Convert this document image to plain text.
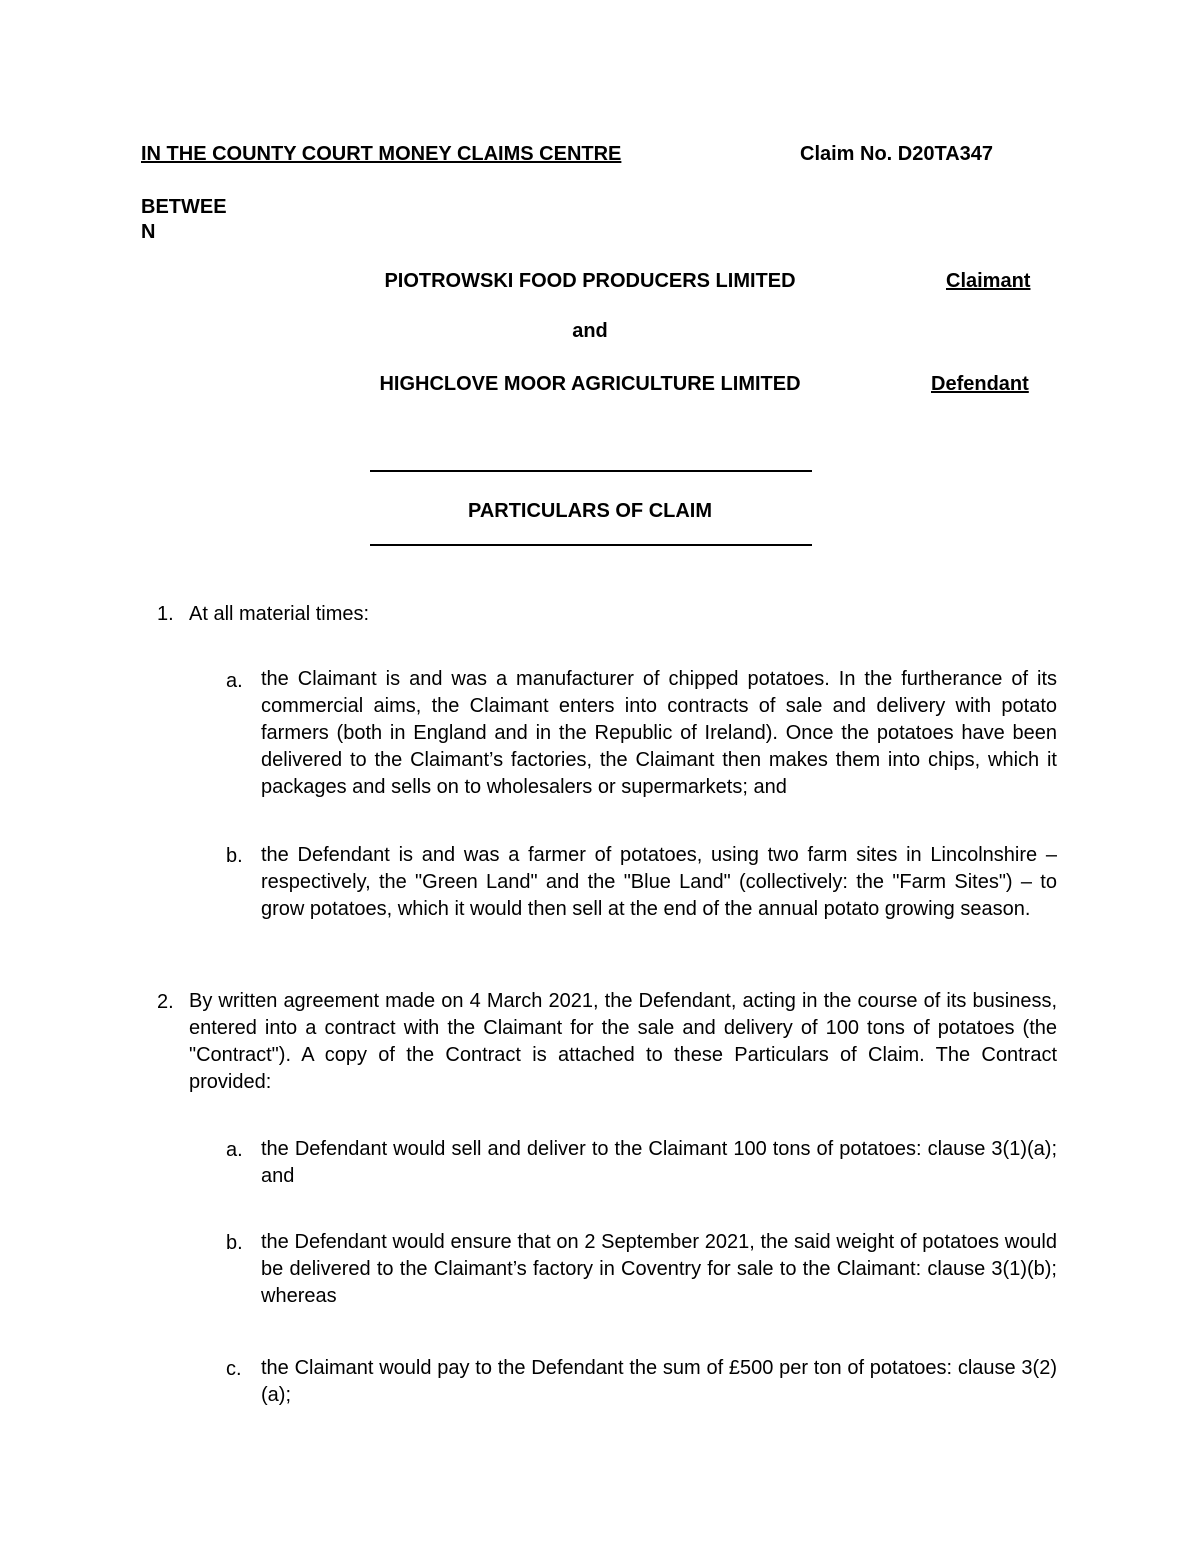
IN THE COUNTY COURT MONEY CLAIMS CENTRE	Claim No. D20TA347
BETWEE
N
PIOTROWSKI FOOD PRODUCERS LIMITED	Claimant
and
HIGHCLOVE MOOR AGRICULTURE LIMITED	Defendant
PARTICULARS OF CLAIM
1. At all material times:
a. the Claimant is and was a manufacturer of chipped potatoes. In the furtherance of its commercial aims, the Claimant enters into contracts of sale and delivery with potato farmers (both in England and in the Republic of Ireland). Once the potatoes have been delivered to the Claimant’s factories, the Claimant then makes them into chips, which it packages and sells on to wholesalers or supermarkets; and
b. the Defendant is and was a farmer of potatoes, using two farm sites in Lincolnshire – respectively, the "Green Land" and the "Blue Land" (collectively: the "Farm Sites") – to grow potatoes, which it would then sell at the end of the annual potato growing season.
2. By written agreement made on 4 March 2021, the Defendant, acting in the course of its business, entered into a contract with the Claimant for the sale and delivery of 100 tons of potatoes (the "Contract"). A copy of the Contract is attached to these Particulars of Claim. The Contract provided:
a. the Defendant would sell and deliver to the Claimant 100 tons of potatoes: clause 3(1)(a); and
b. the Defendant would ensure that on 2 September 2021, the said weight of potatoes would be delivered to the Claimant’s factory in Coventry for sale to the Claimant: clause 3(1)(b); whereas
c. the Claimant would pay to the Defendant the sum of £500 per ton of potatoes: clause 3(2)(a);
